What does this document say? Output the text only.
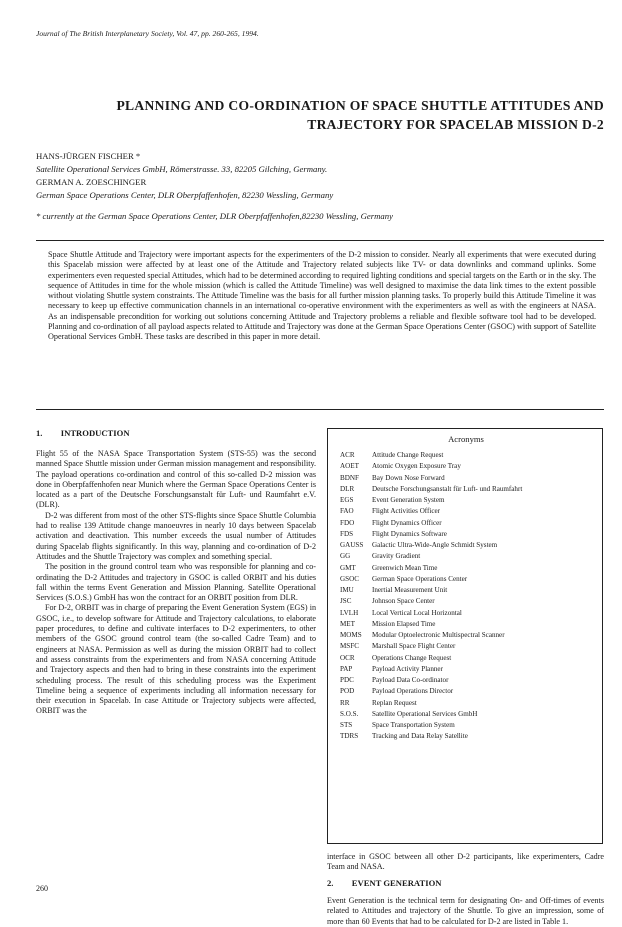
Journal of The British Interplanetary Society, Vol. 47, pp. 260-265, 1994.
PLANNING AND CO-ORDINATION OF SPACE SHUTTLE ATTITUDES AND
TRAJECTORY FOR SPACELAB MISSION D-2
HANS-JÜRGEN FISCHER *
Satellite Operational Services GmbH, Römerstrasse. 33, 82205 Gilching, Germany.
GERMAN A. ZOESCHINGER
German Space Operations Center, DLR Oberpfaffenhofen, 82230 Wessling, Germany
* currently at the German Space Operations Center, DLR Oberpfaffenhofen,82230 Wessling, Germany

Space Shuttle Attitude and Trajectory were important aspects for the experimenters of the D-2 mission to consider. Nearly all experiments that were executed during this Spacelab mission were affected by at least one of the Attitude and Trajectory related subjects like TV- or data downlinks and command uplinks. Some experimenters even requested special Attitudes, which had to be determined according to required lighting conditions and special targets on the Earth or in the sky. The sequence of Attitudes in time for the whole mission (which is called the Attitude Timeline) was well designed to maximise the data link times to the extent possible without violating Shuttle system constraints. The Attitude Timeline was the basis for all further mission planning tasks. To properly build this Attitude Timeline it was necessary to keep up effective communication channels in an international co-operative environment with the experimenters as well as with the engineers at NASA. As an indispensable precondition for working out solutions concerning Attitude and Trajectory problems a reliable and flexible software tool had to be developed. Planning and co-ordination of all payload aspects related to Attitude and Trajectory was done at the German Space Operations Center (GSOC) with support of Satellite Operational Services GmbH. These tasks are described in this paper in more detail.

1. INTRODUCTION

Flight 55 of the NASA Space Transportation System (STS-55) was the second manned Space Shuttle mission under German mission management and responsibility. The payload operations co-ordination and control of this so-called D-2 mission was done in Oberpfaffenhofen near Munich where the German Space Operations Center is located as a part of the Deutsche Forschungsanstalt für Luft- und Raumfahrt e.V. (DLR).

D-2 was different from most of the other STS-flights since Space Shuttle Columbia had to realise 139 Attitude change manoeuvres in nearly 10 days between Spacelab activation and deactivation. This number exceeds the usual number of Attitudes during Spacelab flights significantly. In this way, planning and co-ordination of D-2 Attitudes and the Shuttle Trajectory was complex and something special.

The position in the ground control team who was responsible for planning and co-ordinating the D-2 Attitudes and trajectory in GSOC is called ORBIT and his duties fall within the terms Event Generation and Mission Planning. Satellite Operational Services (S.O.S.) GmbH has won the contract for an ORBIT position from DLR.

For D-2, ORBIT was in charge of preparing the Event Generation System (EGS) in GSOC, i.e., to develop software for Attitude and Trajectory calculations, to elaborate paper procedures, to define and cultivate interfaces to D-2 experimenters, to other members of the GSOC ground control team (the so-called Cadre Team) and to engineers at NASA. Permission as well as during the mission ORBIT had to collect and assess constraints from the experimenters and from NASA concerning Attitude and Trajectory aspects and then had to bring in these constraints into the experiment scheduling process. The result of this scheduling process was the Experiment Timeline being a sequence of experiments including all information necessary for their execution in Spacelab. In case Attitude or Trajectory subjects were affected, ORBIT was the

Acronyms
ACR	Attitude Change Request
AOET	Atomic Oxygen Exposure Tray
BDNF	Bay Down Nose Forward
DLR	Deutsche Forschungsanstalt für Luft- und Raumfahrt
EGS	Event Generation System
FAO	Flight Activities Officer
FDO	Flight Dynamics Officer
FDS	Flight Dynamics Software
GAUSS	Galactic Ultra-Wide-Angle Schmidt System
GG	Gravity Gradient
GMT	Greenwich Mean Time
GSOC	German Space Operations Center
IMU	Inertial Measurement Unit
JSC	Johnson Space Center
LVLH	Local Vertical Local Horizontal
MET	Mission Elapsed Time
MOMS	Modular Optoelectronic Multispectral Scanner
MSFC	Marshall Space Flight Center
OCR	Operations Change Request
PAP	Payload Activity Planner
PDC	Payload Data Co-ordinator
POD	Payload Operations Director
RR	Replan Request
S.O.S.	Satellite Operational Services GmbH
STS	Space Transportation System
TDRS	Tracking and Data Relay Satellite

interface in GSOC between all other D-2 participants, like experimenters, Cadre Team and NASA.

2. EVENT GENERATION

Event Generation is the technical term for designating On- and Off-times of events related to Attitudes and trajectory of the Shuttle. To give an impression, some of more than 60 Events that had to be calculated for D-2 are listed in Table 1.

260
